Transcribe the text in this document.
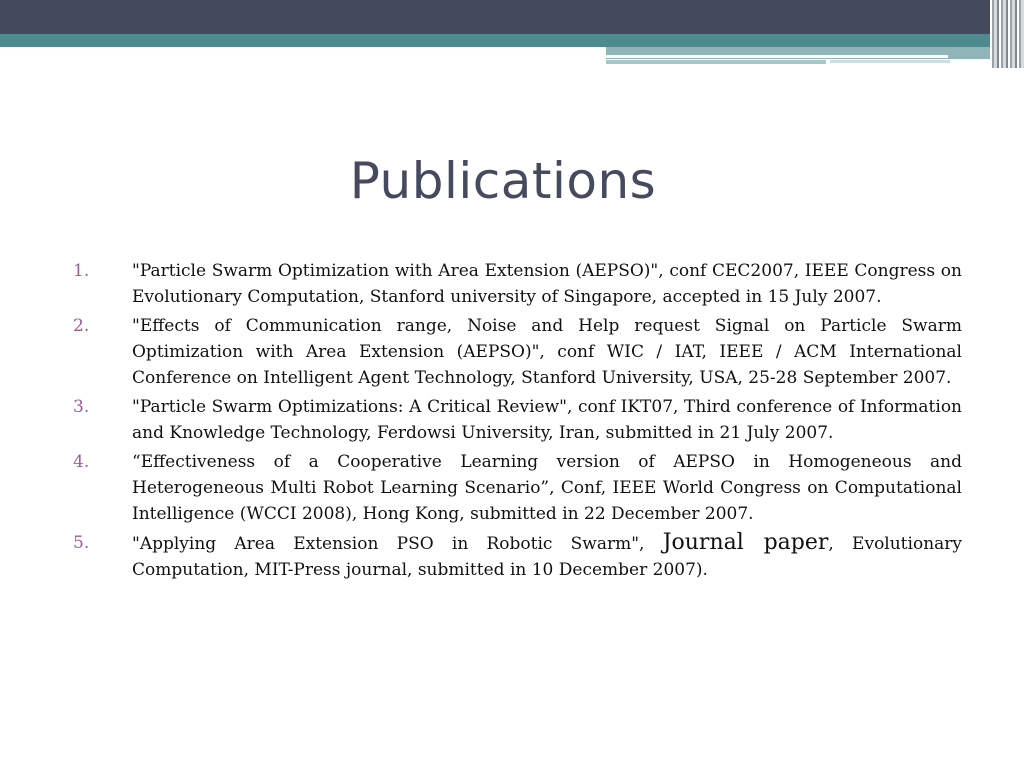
Publications
1.	"Particle Swarm Optimization with Area Extension (AEPSO)", conf CEC2007, IEEE Congress on Evolutionary Computation, Stanford university of Singapore, accepted in 15 July 2007.
2.	"Effects of Communication range, Noise and Help request Signal on Particle Swarm Optimization with Area Extension (AEPSO)", conf WIC / IAT, IEEE / ACM International Conference on Intelligent Agent Technology, Stanford University, USA, 25-28 September 2007.
3.	"Particle Swarm Optimizations: A Critical Review", conf IKT07, Third conference of Information and Knowledge Technology, Ferdowsi University, Iran, submitted in 21 July 2007.
4.	“Effectiveness of a Cooperative Learning version of AEPSO in Homogeneous and Heterogeneous Multi Robot Learning Scenario”, Conf, IEEE World Congress on Computational Intelligence (WCCI 2008), Hong Kong, submitted in 22 December 2007.
5.	"Applying Area Extension PSO in Robotic Swarm", Journal paper, Evolutionary Computation, MIT-Press journal, submitted in 10 December 2007).
